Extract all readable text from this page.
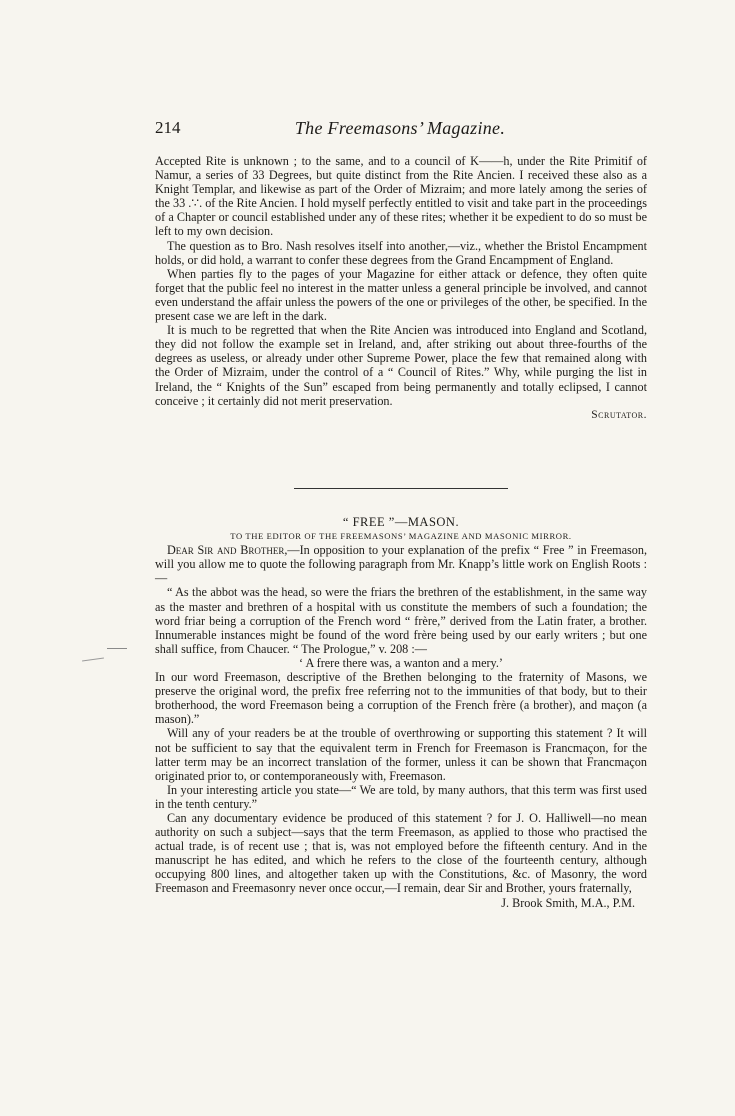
214	The Freemasons’ Magazine.

Accepted Rite is unknown ; to the same, and to a council of K——h, under the Rite Primitif of Namur, a series of 33 Degrees, but quite distinct from the Rite Ancien. I received these also as a Knight Templar, and likewise as part of the Order of Mizraim; and more lately among the series of the 33 .∵. of the Rite Ancien. I hold myself perfectly entitled to visit and take part in the proceedings of a Chapter or council established under any of these rites; whether it be expedient to do so must be left to my own decision.

The question as to Bro. Nash resolves itself into another,—viz., whether the Bristol Encampment holds, or did hold, a warrant to confer these degrees from the Grand Encampment of England.

When parties fly to the pages of your Magazine for either attack or defence, they often quite forget that the public feel no interest in the matter unless a general principle be involved, and cannot even understand the affair unless the powers of the one or privileges of the other, be specified. In the present case we are left in the dark.

It is much to be regretted that when the Rite Ancien was introduced into England and Scotland, they did not follow the example set in Ireland, and, after striking out about three-fourths of the degrees as useless, or already under other Supreme Power, place the few that remained along with the Order of Mizraim, under the control of a “ Council of Rites.” Why, while purging the list in Ireland, the “ Knights of the Sun” escaped from being permanently and totally eclipsed, I cannot conceive ; it certainly did not merit preservation.

Scrutator.

“ FREE ”—MASON.

TO THE EDITOR OF THE FREEMASONS’ MAGAZINE AND MASONIC MIRROR.

Dear Sir and Brother,—In opposition to your explanation of the prefix “ Free ” in Freemason, will you allow me to quote the following paragraph from Mr. Knapp’s little work on English Roots :—

“ As the abbot was the head, so were the friars the brethren of the establishment, in the same way as the master and brethren of a hospital with us constitute the members of such a foundation; the word friar being a corruption of the French word “ frère,” derived from the Latin frater, a brother. Innumerable instances might be found of the word frère being used by our early writers ; but one shall suffice, from Chaucer. “ The Prologue,” v. 208 :—

‘ A frere there was, a wanton and a mery.’

In our word Freemason, descriptive of the Brethen belonging to the fraternity of Masons, we preserve the original word, the prefix free referring not to the immunities of that body, but to their brotherhood, the word Freemason being a corruption of the French frère (a brother), and maçon (a mason).”

Will any of your readers be at the trouble of overthrowing or supporting this statement ? It will not be sufficient to say that the equivalent term in French for Freemason is Francmaçon, for the latter term may be an incorrect translation of the former, unless it can be shown that Francmaçon originated prior to, or contemporaneously with, Freemason.

In your interesting article you state—“ We are told, by many authors, that this term was first used in the tenth century.”

Can any documentary evidence be produced of this statement ? for J. O. Halliwell—no mean authority on such a subject—says that the term Freemason, as applied to those who practised the actual trade, is of recent use ; that is, was not employed before the fifteenth century. And in the manuscript he has edited, and which he refers to the close of the fourteenth century, although occupying 800 lines, and altogether taken up with the Constitutions, &c. of Masonry, the word Freemason and Freemasonry never once occur,—I remain, dear Sir and Brother, yours fraternally,

J. Brook Smith, M.A., P.M.
